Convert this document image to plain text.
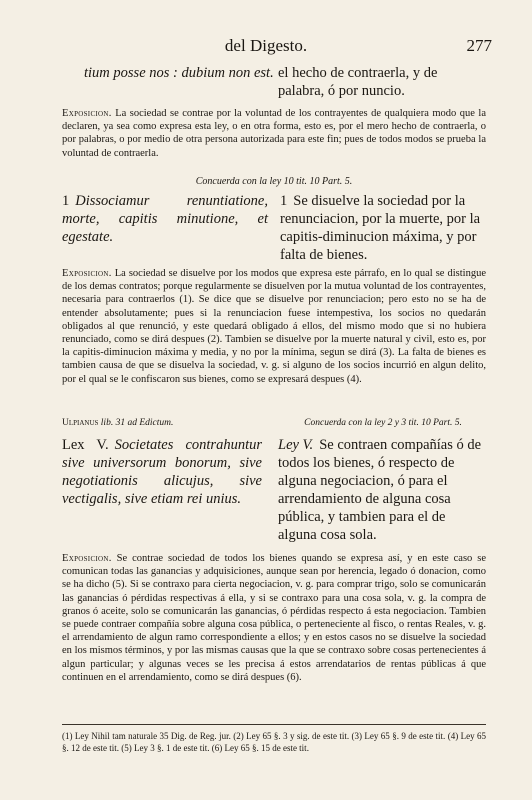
del Digesto.	277
tium posse nos : dubium non est. el hecho de contraerla, y de palabra, ó por nuncio.
Exposicion. La sociedad se contrae por la voluntad de los contrayentes de qualquiera modo que la declaren, ya sea como expresa esta ley, o en otra forma, esto es, por el mero hecho de contraerla, o por palabras, o por medio de otra persona autorizada para este fin; pues de todos modos se prueba la voluntad de contraerla.
Concuerda con la ley 10 tit. 10 Part. 5.
1 Dissociamur renuntiatione, morte, capitis minutione, et egestate.
1 Se disuelve la sociedad por la renunciacion, por la muerte, por la capitis-diminucion máxima, y por falta de bienes.
Exposicion. La sociedad se disuelve por los modos que expresa este párrafo, en lo qual se distingue de los demas contratos; porque regularmente se disuelven por la mutua voluntad de los contrayentes, necesaria para contraerlos (1). Se dice que se disuelve por renunciacion; pero esto no se ha de entender absolutamente; pues si la renunciacion fuese intempestiva, los socios no quedarán obligados al que renunció, y este quedará obligado á ellos, del mismo modo que si no hubiera renunciado, como se dirá despues (2). Tambien se disuelve por la muerte natural y civil, esto es, por la capitis-diminucion máxima y media, y no por la mínima, segun se dirá (3). La falta de bienes es tambien causa de que se disuelva la sociedad, v. g. si alguno de los socios incurrió en algun delito, por el qual se le confiscaron sus bienes, como se expresará despues (4).
Ulpianus lib. 31 ad Edictum.	Concuerda con la ley 2 y 3 tit. 10 Part. 5.
Lex V. Societates contrahuntur sive universorum bonorum, sive negotiationis alicujus, sive vectigalis, sive etiam rei unius.
Ley V. Se contraen compañías ó de todos los bienes, ó respecto de alguna negociacion, ó para el arrendamiento de alguna cosa pública, y tambien para el de alguna cosa sola.
Exposicion. Se contrae sociedad de todos los bienes quando se expresa así, y en este caso se comunican todas las ganancias y adquisiciones, aunque sean por herencia, legado ó donacion, como se ha dicho (5). Si se contraxo para cierta negociacion, v. g. para comprar trigo, solo se comunicarán las ganancias ó pérdidas respectivas á ella, y si se contraxo para una cosa sola, v. g. la compra de granos ó aceite, solo se comunicarán las ganancias, ó pérdidas respecto á esta negociacion. Tambien se puede contraer compañía sobre alguna cosa pública, o perteneciente al fisco, o rentas Reales, v. g. el arrendamiento de algun ramo correspondiente a ellos; y en estos casos no se disuelve la sociedad en los mismos términos, y por las mismas causas que la que se contraxo sobre cosas pertenecientes á algun particular; y algunas veces se les precisa á estos arrendatarios de rentas públicas á que continuen en el arrendamiento, como se dirá despues (6).
(1) Ley Nihil tam naturale 35 Dig. de Reg. jur. (2) Ley 65 §. 3 y sig. de este tit. (3) Ley 65 §. 9 de este tit. (4) Ley 65 §. 12 de este tit. (5) Ley 3 §. 1 de este tit. (6) Ley 65 §. 15 de este tit.
